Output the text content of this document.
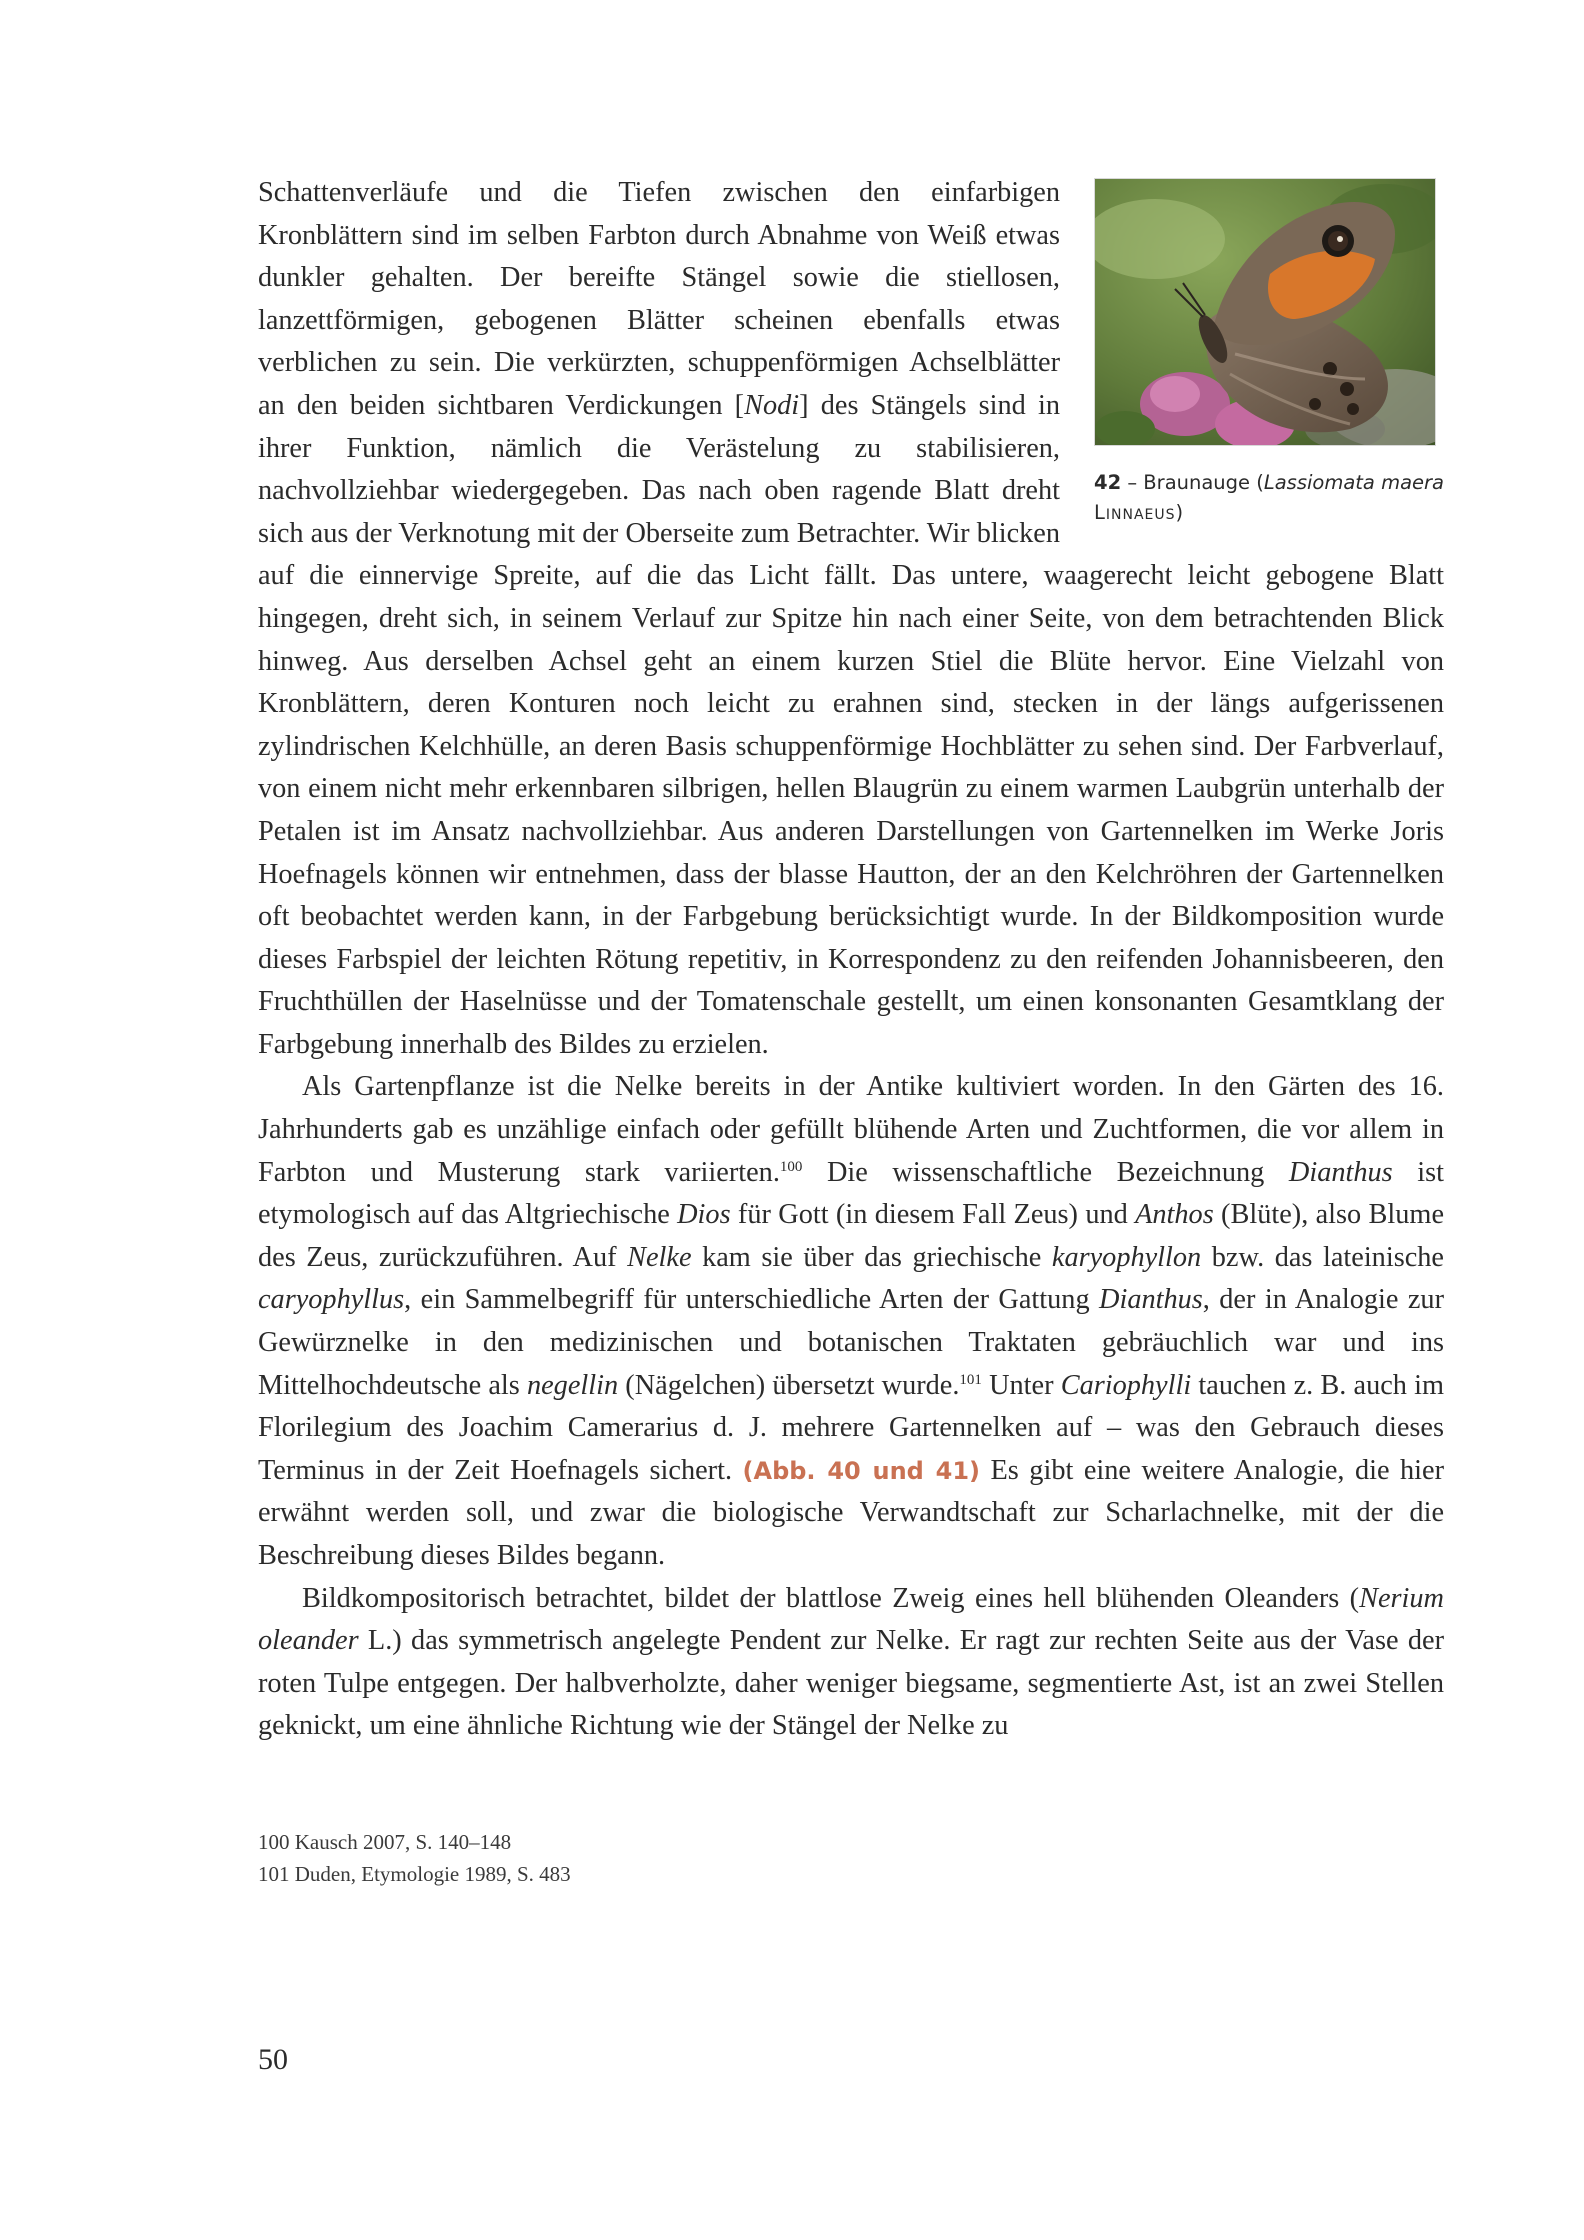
42 – Braunauge (Lassiomata maera Linnaeus)

Schattenverläufe und die Tiefen zwischen den einfarbigen Kronblättern sind im selben Farbton durch Abnahme von Weiß etwas dunkler gehalten. Der bereifte Stängel sowie die stiellosen, lanzettförmigen, gebogenen Blätter scheinen ebenfalls etwas verblichen zu sein. Die verkürzten, schuppenförmigen Achselblätter an den beiden sichtbaren Verdickungen [Nodi] des Stängels sind in ihrer Funktion, nämlich die Verästelung zu stabilisieren, nachvollziehbar wiedergegeben. Das nach oben ragende Blatt dreht sich aus der Verknotung mit der Oberseite zum Betrachter. Wir blicken auf die einnervige Spreite, auf die das Licht fällt. Das untere, waagerecht leicht gebogene Blatt hingegen, dreht sich, in seinem Verlauf zur Spitze hin nach einer Seite, von dem betrachtenden Blick hinweg. Aus derselben Achsel geht an einem kurzen Stiel die Blüte hervor. Eine Vielzahl von Kronblättern, deren Konturen noch leicht zu erahnen sind, stecken in der längs aufgerissenen zylindrischen Kelchhülle, an deren Basis schuppenförmige Hochblätter zu sehen sind. Der Farbverlauf, von einem nicht mehr erkennbaren silbrigen, hellen Blaugrün zu einem warmen Laubgrün unterhalb der Petalen ist im Ansatz nachvollziehbar. Aus anderen Darstellungen von Gartennelken im Werke Joris Hoefnagels können wir entnehmen, dass der blasse Hautton, der an den Kelchröhren der Gartennelken oft beobachtet werden kann, in der Farbgebung berücksichtigt wurde. In der Bildkomposition wurde dieses Farbspiel der leichten Rötung repetitiv, in Korrespondenz zu den reifenden Johannisbeeren, den Fruchthüllen der Haselnüsse und der Tomatenschale gestellt, um einen konsonanten Gesamtklang der Farbgebung innerhalb des Bildes zu erzielen.

Als Gartenpflanze ist die Nelke bereits in der Antike kultiviert worden. In den Gärten des 16. Jahrhunderts gab es unzählige einfach oder gefüllt blühende Arten und Zuchtformen, die vor allem in Farbton und Musterung stark variierten.$^{100}$ Die wissenschaftliche Bezeichnung Dianthus ist etymologisch auf das Altgriechische Dios für Gott (in diesem Fall Zeus) und Anthos (Blüte), also Blume des Zeus, zurückzuführen. Auf Nelke kam sie über das griechische karyophyllon bzw. das lateinische caryophyllus, ein Sammelbegriff für unterschiedliche Arten der Gattung Dianthus, der in Analogie zur Gewürznelke in den medizinischen und botanischen Traktaten gebräuchlich war und ins Mittelhochdeutsche als negellin (Nägelchen) übersetzt wurde.$^{101}$ Unter Cariophylli tauchen z. B. auch im Florilegium des Joachim Camerarius d. J. mehrere Gartennelken auf – was den Gebrauch dieses Terminus in der Zeit Hoefnagels sichert. (Abb. 40 und 41) Es gibt eine weitere Analogie, die hier erwähnt werden soll, und zwar die biologische Verwandtschaft zur Scharlachnelke, mit der die Beschreibung dieses Bildes begann.

Bildkompositorisch betrachtet, bildet der blattlose Zweig eines hell blühenden Oleanders (Nerium oleander L.) das symmetrisch angelegte Pendent zur Nelke. Er ragt zur rechten Seite aus der Vase der roten Tulpe entgegen. Der halbverholzte, daher weniger biegsame, segmentierte Ast, ist an zwei Stellen geknickt, um eine ähnliche Richtung wie der Stängel der Nelke zu

100 Kausch 2007, S. 140–148
101 Duden, Etymologie 1989, S. 483
50
